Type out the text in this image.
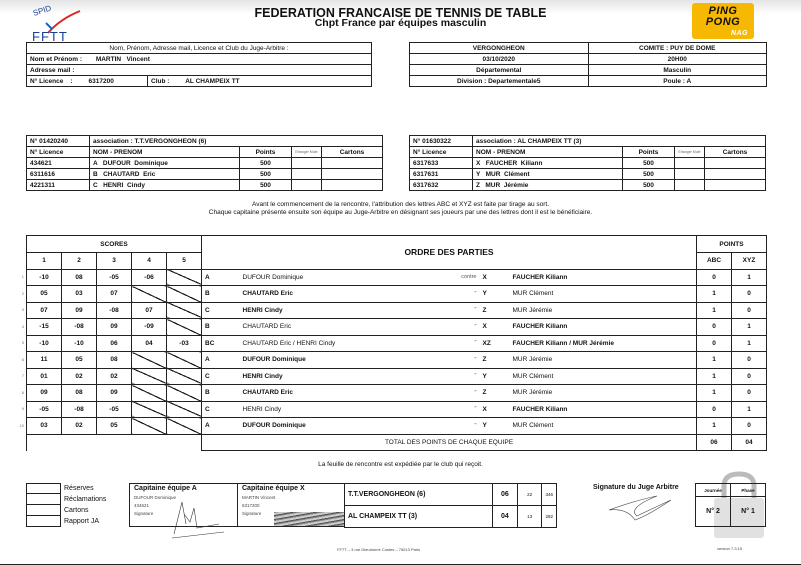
SPID
FFTT
PING
PONG
NAG
FEDERATION FRANCAISE DE TENNIS DE TABLE
Chpt France par équipes masculin
Nom, Prénom, Adresse mail, Licence et Club du Juge-Arbitre :
Nom et Prénom : MARTIN   Vincent
Adresse mail :
N° Licence    : 6317200	Club : AL CHAMPEIX TT
VERGONGHEON	COMITE : PUY DE DOME
03/10/2020	20H00
Départemental	Masculin
Division : Departementale5	Poule : A
N° 01420240	association : T.T.VERGONGHEON (6)			
N° Licence	NOM - PRENOM	Points	Etranger Muté	Cartons
434621	A   DUFOUR  Dominique	500		
6311616	B   CHAUTARD  Eric	500		
4221311	C   HENRI  Cindy	500		
N° 01630322	association : AL CHAMPEIX TT (3)			
N° Licence	NOM - PRENOM	Points	Etranger Muté	Cartons
6317633	X   FAUCHER  Kiliann	500		
6317631	Y   MUR  Clément	500		
6317632	Z   MUR  Jérémie	500		
Avant le commencement de la rencontre, l'attribution des lettres ABC et XYZ est faite par tirage au sort.
Chaque capitaine présente ensuite son équipe au Juge-Arbitre en désignant ses joueurs par une des lettres dont il est le bénéficiaire.
1
2
3
4
5
6
7
8
9
10
SCORES					ORDRE DES PARTIES					POINTS	
1	2	3	4	5						ABC	XYZ
-10	08	-05	-06		A	DUFOUR Dominique	contre	X	FAUCHER Kiliann	0	1
05	03	07			B	CHAUTARD Eric	"	Y	MUR Clément	1	0
07	09	-08	07		C	HENRI Cindy	"	Z	MUR Jérémie	1	0
-15	-08	09	-09		B	CHAUTARD Eric	"	X	FAUCHER Kiliann	0	1
-10	-10	06	04	-03	BC	CHAUTARD Eric / HENRI Cindy	"	XZ	FAUCHER Kiliann / MUR Jérémie	0	1
11	05	08			A	DUFOUR Dominique	"	Z	MUR Jérémie	1	0
01	02	02			C	HENRI Cindy	"	Y	MUR Clément	1	0
09	08	09			B	CHAUTARD Eric	"	Z	MUR Jérémie	1	0
-05	-08	-05			C	HENRI Cindy	"	X	FAUCHER Kiliann	0	1
03	02	05			A	DUFOUR Dominique	"	Y	MUR Clément	1	0
					TOTAL DES POINTS DE CHAQUE EQUIPE					06	04
La feuille de rencontre est expédiée par le club qui reçoit.
Réserves
Réclamations
Cartons
Rapport JA
Capitaine équipe A
DUFOUR Dominique
434621
Signature
Capitaine équipe X
MARTIN Vincent
6317200
Signature
T.T.VERGONGHEON (6)	06	22	346
AL CHAMPEIX TT (3)	04	13	282
Signature du Juge Arbitre	Journée	Phase
N° 2	N° 1
FFTT – 3 rue Dieudonné Costes – 75013 Paris	version 7.3.15
